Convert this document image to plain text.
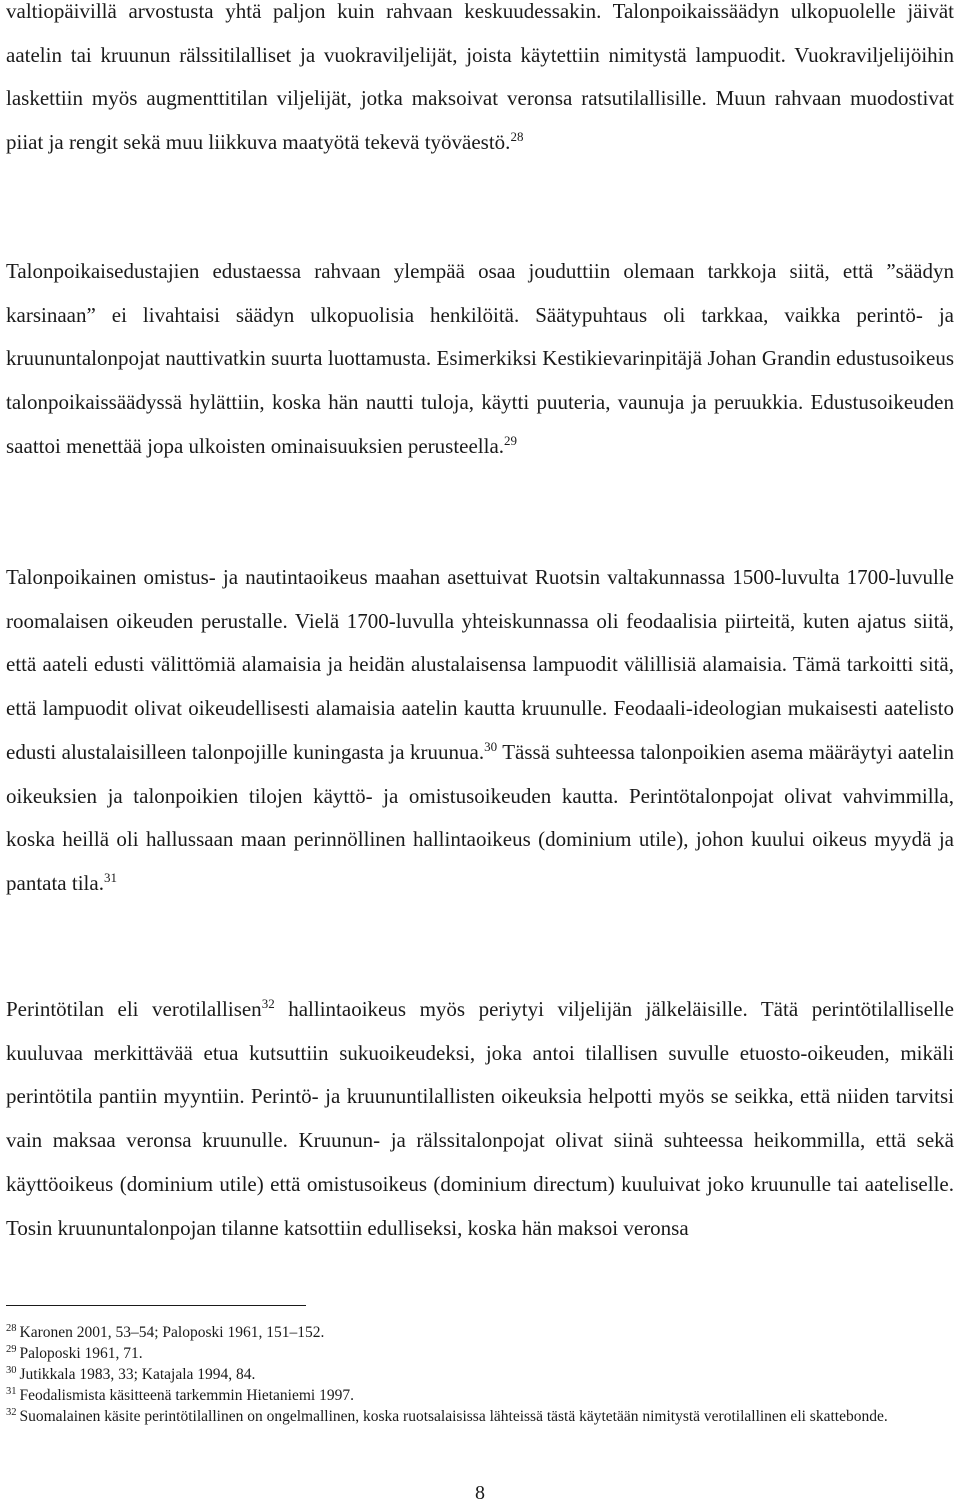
valtiopäivillä arvostusta yhtä paljon kuin rahvaan keskuudessakin. Talonpoikaissäädyn ulkopuolelle jäivät aatelin tai kruunun rälssitilalliset ja vuokraviljelijät, joista käytettiin nimitystä lampuodit. Vuokraviljelijöihin laskettiin myös augmenttitilan viljelijät, jotka maksoivat veronsa ratsutilallisille. Muun rahvaan muodostivat piiat ja rengit sekä muu liikkuva maatyötä tekevä työväestö.$^{28}$

Talonpoikaisedustajien edustaessa rahvaan ylempää osaa jouduttiin olemaan tarkkoja siitä, että ”säädyn karsinaan” ei livahtaisi säädyn ulkopuolisia henkilöitä. Säätypuhtaus oli tarkkaa, vaikka perintö- ja kruununtalonpojat nauttivatkin suurta luottamusta. Esimerkiksi Kestikievarinpitäjä Johan Grandin edustusoikeus talonpoikaissäädyssä hylättiin, koska hän nautti tuloja, käytti puuteria, vaunuja ja peruukkia. Edustusoikeuden saattoi menettää jopa ulkoisten ominaisuuksien perusteella.$^{29}$

Talonpoikainen omistus- ja nautintaoikeus maahan asettuivat Ruotsin valtakunnassa 1500-luvulta 1700-luvulle roomalaisen oikeuden perustalle. Vielä 1700-luvulla yhteiskunnassa oli feodaalisia piirteitä, kuten ajatus siitä, että aateli edusti välittömiä alamaisia ja heidän alustalaisensa lampuodit välillisiä alamaisia. Tämä tarkoitti sitä, että lampuodit olivat oikeudellisesti alamaisia aatelin kautta kruunulle. Feodaali-ideologian mukaisesti aatelisto edusti alustalaisilleen talonpojille kuningasta ja kruunua.$^{30}$ Tässä suhteessa talonpoikien asema määräytyi aatelin oikeuksien ja talonpoikien tilojen käyttö- ja omistusoikeuden kautta. Perintötalonpojat olivat vahvimmilla, koska heillä oli hallussaan maan perinnöllinen hallintaoikeus (dominium utile), johon kuului oikeus myydä ja pantata tila.$^{31}$

Perintötilan eli verotilallisen$^{32}$ hallintaoikeus myös periytyi viljelijän jälkeläisille. Tätä perintötilalliselle kuuluvaa merkittävää etua kutsuttiin sukuoikeudeksi, joka antoi tilallisen suvulle etuosto-oikeuden, mikäli perintötila pantiin myyntiin. Perintö- ja kruununtilallisten oikeuksia helpotti myös se seikka, että niiden tarvitsi vain maksaa veronsa kruunulle. Kruunun- ja rälssitalonpojat olivat siinä suhteessa heikommilla, että sekä käyttöoikeus (dominium utile) että omistusoikeus (dominium directum) kuuluivat joko kruunulle tai aateliselle. Tosin kruununtalonpojan tilanne katsottiin edulliseksi, koska hän maksoi veronsa

$^{28}$ Karonen 2001, 53–54; Paloposki 1961, 151–152.

$^{29}$ Paloposki 1961, 71.

$^{30}$ Jutikkala 1983, 33; Katajala 1994, 84.

$^{31}$ Feodalismista käsitteenä tarkemmin Hietaniemi 1997.

$^{32}$ Suomalainen käsite perintötilallinen on ongelmallinen, koska ruotsalaisissa lähteissä tästä käytetään nimitystä verotilallinen eli skattebonde.

8
